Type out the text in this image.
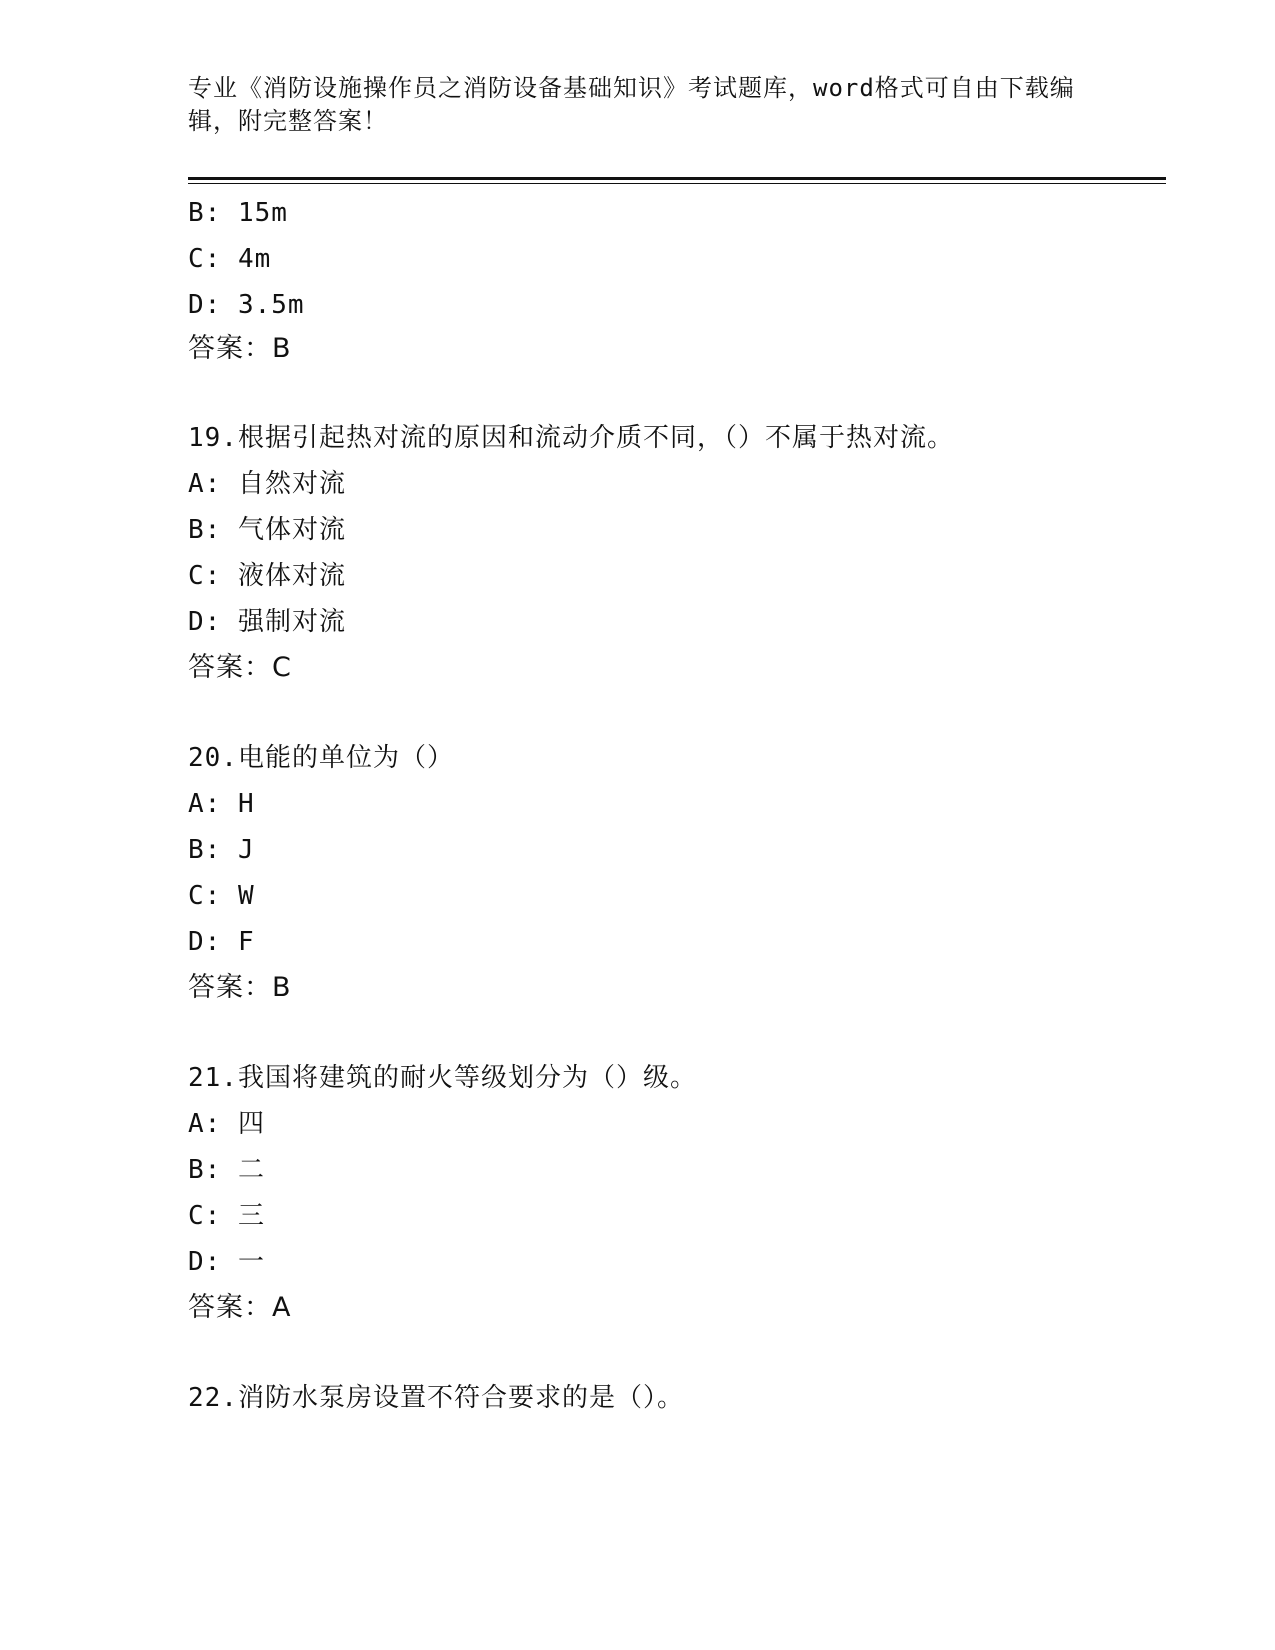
专业《消防设施操作员之消防设备基础知识》考试题库，word格式可自由下载编
辑，附完整答案！
B: 15m
C: 4m
D: 3.5m
答案：B
19.根据引起热对流的原因和流动介质不同，（）不属于热对流。
A: 自然对流
B: 气体对流
C: 液体对流
D: 强制对流
答案：C
20.电能的单位为（）
A: H
B: J
C: W
D: F
答案：B
21.我国将建筑的耐火等级划分为（）级。
A: 四
B: 二
C: 三
D: 一
答案：A
22.消防水泵房设置不符合要求的是（）。
